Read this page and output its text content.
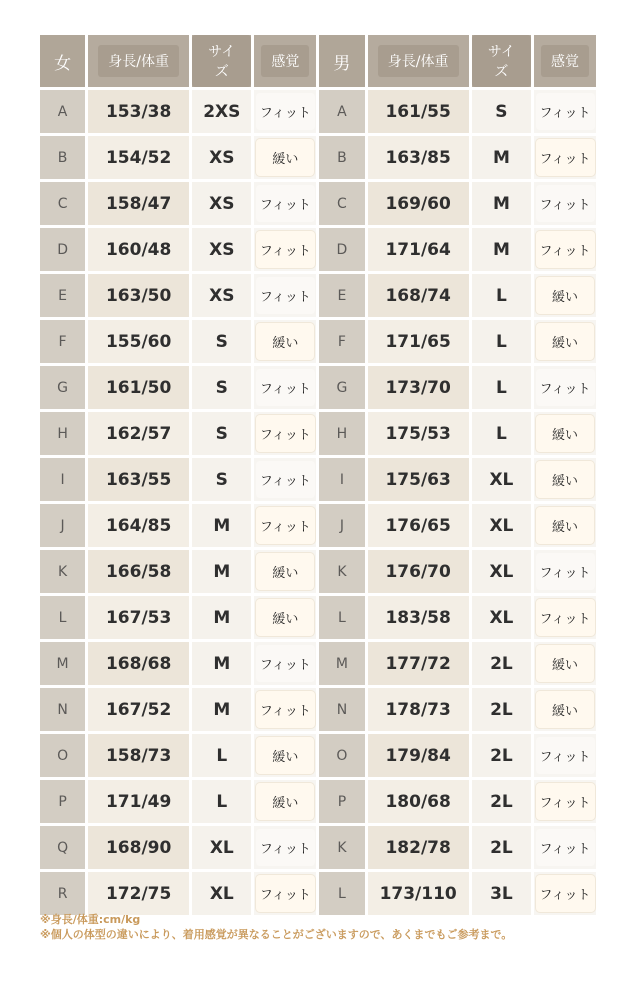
女	身長/体重	サイズ	感覚	男	身長/体重	サイズ	感覚
A	153/38	2XS	フィット	A	161/55	S	フィット
B	154/52	XS	緩い	B	163/85	M	フィット
C	158/47	XS	フィット	C	169/60	M	フィット
D	160/48	XS	フィット	D	171/64	M	フィット
E	163/50	XS	フィット	E	168/74	L	緩い
F	155/60	S	緩い	F	171/65	L	緩い
G	161/50	S	フィット	G	173/70	L	フィット
H	162/57	S	フィット	H	175/53	L	緩い
I	163/55	S	フィット	I	175/63	XL	緩い
J	164/85	M	フィット	J	176/65	XL	緩い
K	166/58	M	緩い	K	176/70	XL	フィット
L	167/53	M	緩い	L	183/58	XL	フィット
M	168/68	M	フィット	M	177/72	2L	緩い
N	167/52	M	フィット	N	178/73	2L	緩い
O	158/73	L	緩い	O	179/84	2L	フィット
P	171/49	L	緩い	P	180/68	2L	フィット
Q	168/90	XL	フィット	K	182/78	2L	フィット
R	172/75	XL	フィット	L	173/110	3L	フィット
※身長/体重:cm/kg
※個人の体型の違いにより、着用感覚が異なることがございますので、あくまでもご参考まで。
